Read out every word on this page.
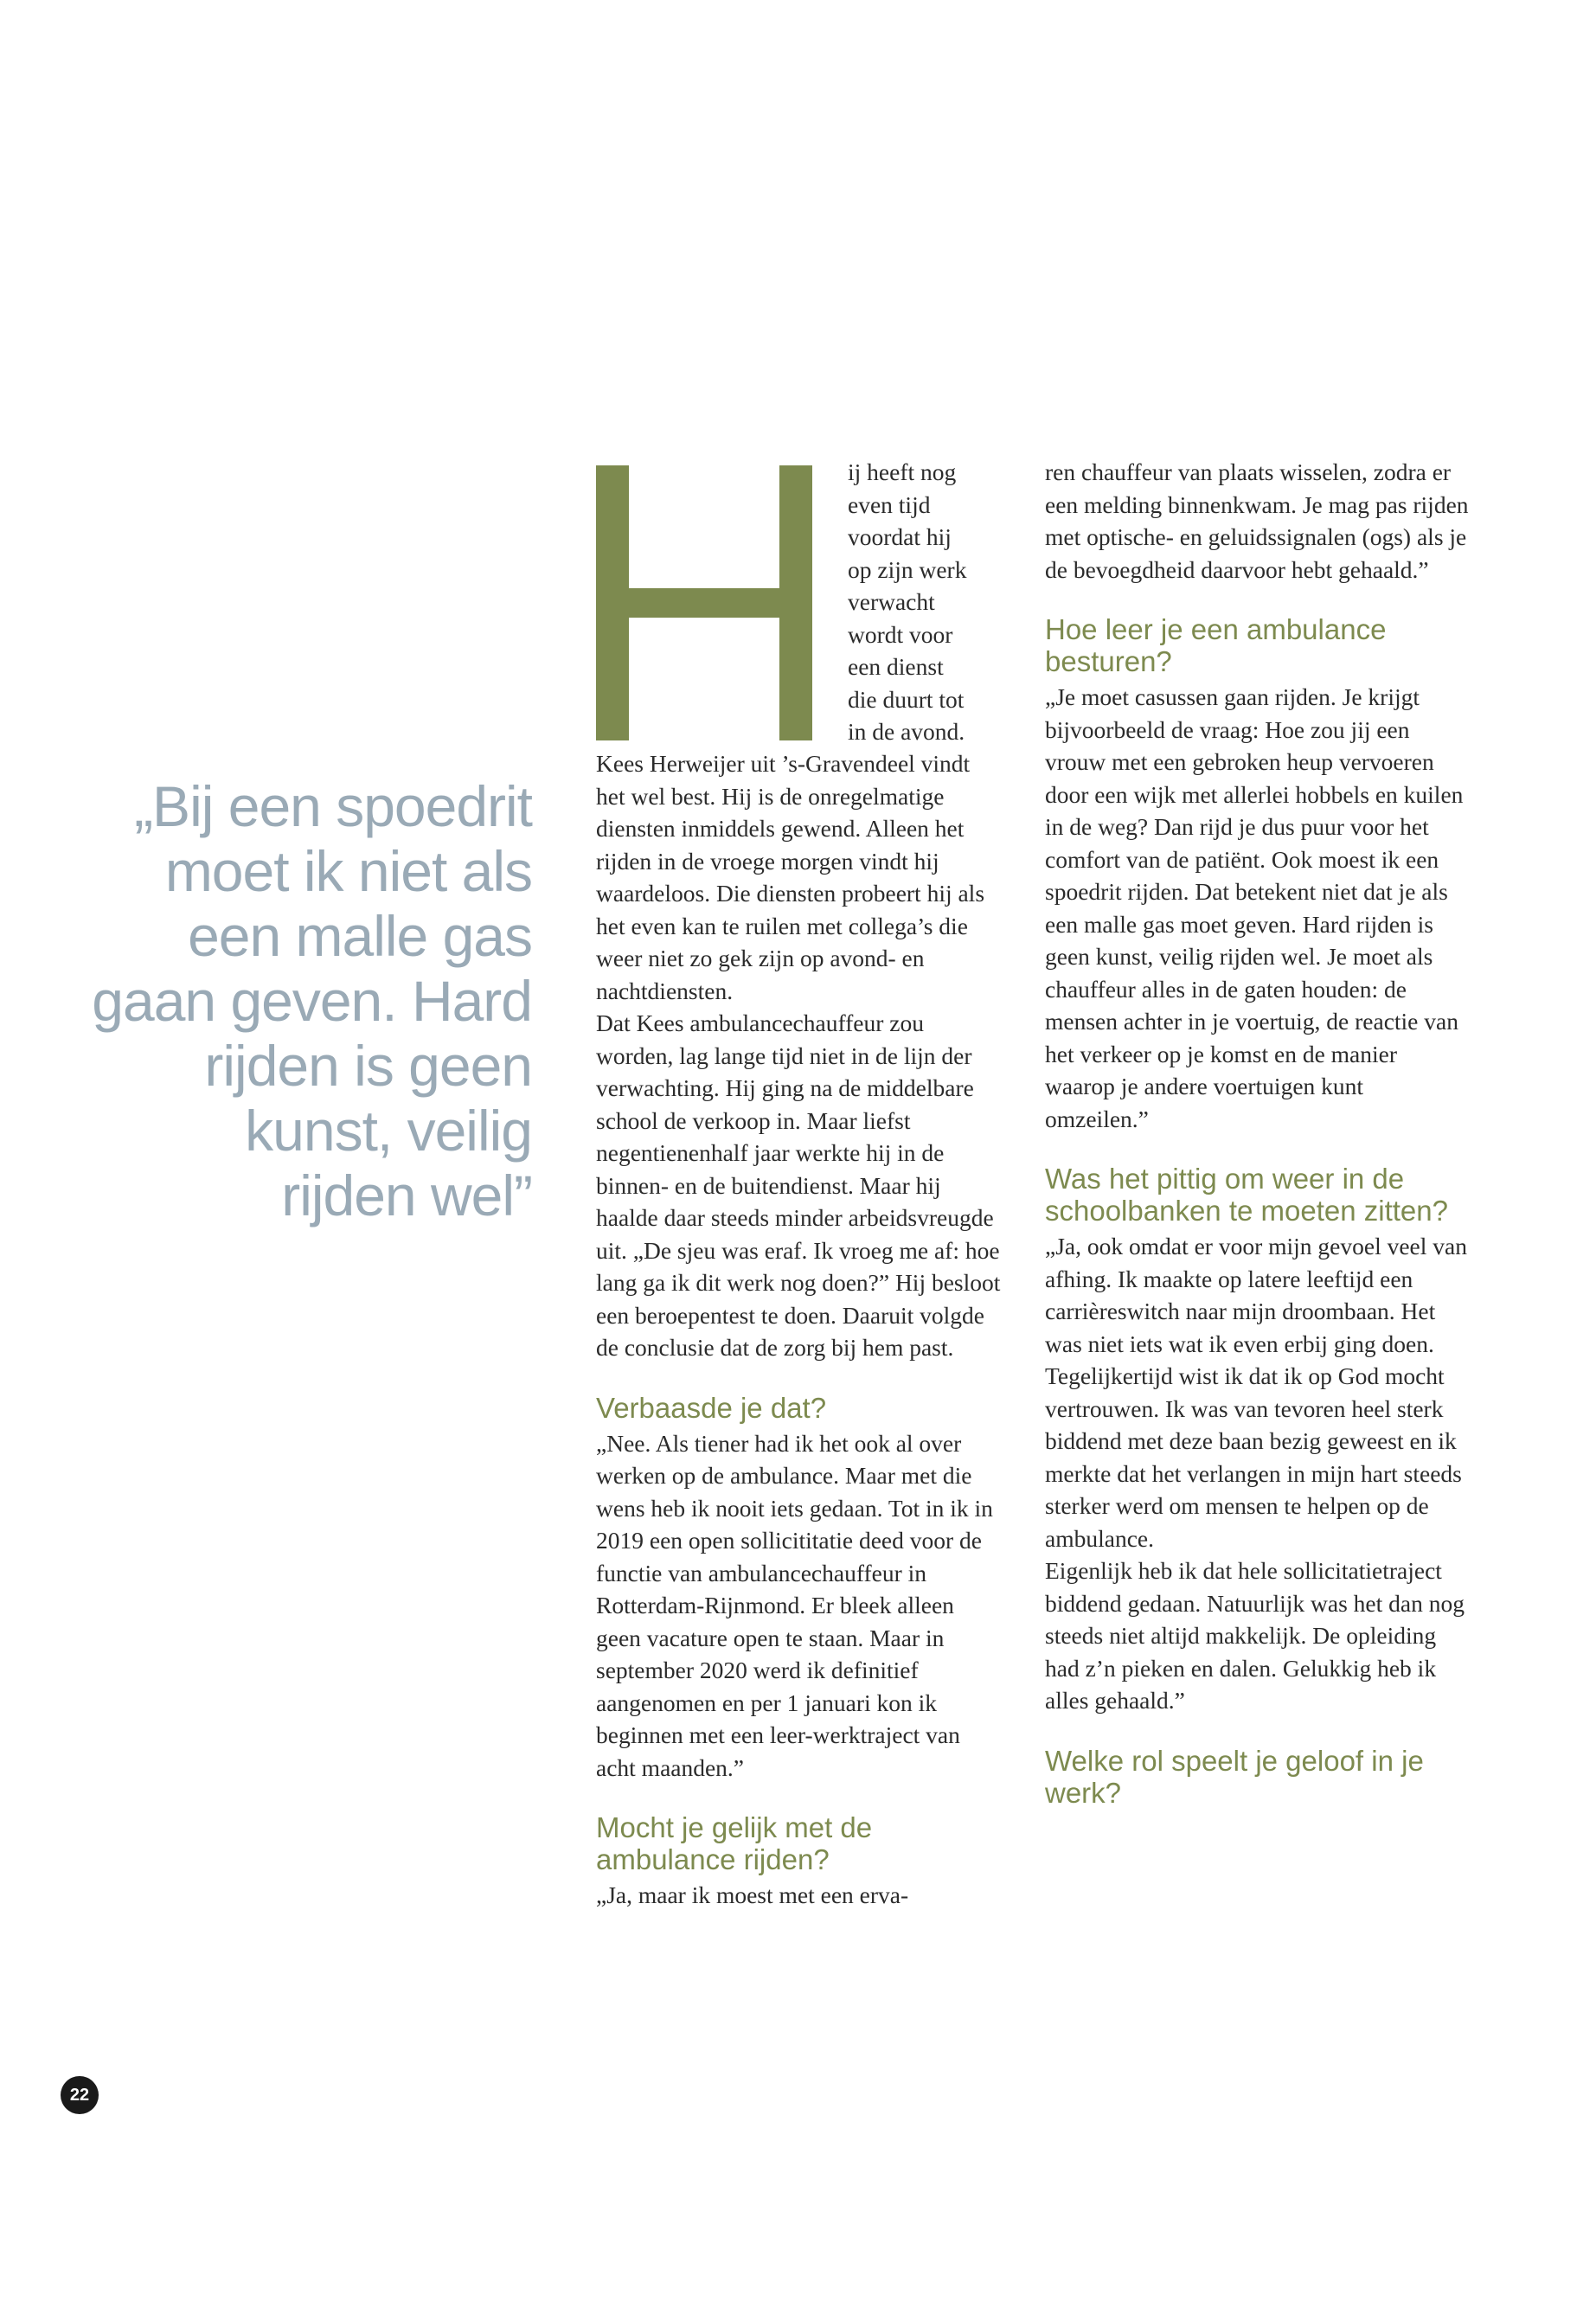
„Bij een spoedrit
moet ik niet als
een malle gas
gaan geven. Hard
rijden is geen
kunst, veilig
rijden wel”
H
ij heeft nog
even tijd
voordat hij
op zijn werk
verwacht
wordt voor
een dienst
die duurt tot
in de avond.

Kees Herweijer uit ’s-Gravendeel vindt het wel best. Hij is de onregelmatige diensten inmiddels gewend. Alleen het rijden in de vroege morgen vindt hij waardeloos. Die diensten probeert hij als het even kan te ruilen met collega’s die weer niet zo gek zijn op avond- en nachtdiensten.

Dat Kees ambulancechauffeur zou worden, lag lange tijd niet in de lijn der verwachting. Hij ging na de middelbare school de verkoop in. Maar liefst negentienenhalf jaar werkte hij in de binnen- en de buitendienst. Maar hij haalde daar steeds minder arbeidsvreugde uit. „De sjeu was eraf. Ik vroeg me af: hoe lang ga ik dit werk nog doen?” Hij besloot een beroepentest te doen. Daaruit volgde de conclusie dat de zorg bij hem past.

Verbaasde je dat?

„Nee. Als tiener had ik het ook al over werken op de ambulance. Maar met die wens heb ik nooit iets gedaan. Tot in ik in 2019 een open sollicititatie deed voor de functie van ambulancechauffeur in Rotterdam-Rijnmond. Er bleek alleen geen vacature open te staan. Maar in september 2020 werd ik definitief aangenomen en per 1 januari kon ik beginnen met een leer-werktraject van acht maanden.”

Mocht je gelijk met de ambulance rijden?

„Ja, maar ik moest met een erva-

ren chauffeur van plaats wisselen, zodra er een melding binnenkwam. Je mag pas rijden met optische- en geluidssignalen (ogs) als je de bevoegdheid daarvoor hebt gehaald.”

Hoe leer je een ambulance besturen?

„Je moet casussen gaan rijden. Je krijgt bijvoorbeeld de vraag: Hoe zou jij een vrouw met een gebroken heup vervoeren door een wijk met allerlei hobbels en kuilen in de weg? Dan rijd je dus puur voor het comfort van de patiënt. Ook moest ik een spoedrit rijden. Dat betekent niet dat je als een malle gas moet geven. Hard rijden is geen kunst, veilig rijden wel. Je moet als chauffeur alles in de gaten houden: de mensen achter in je voertuig, de reactie van het verkeer op je komst en de manier waarop je andere voertuigen kunt omzeilen.”

Was het pittig om weer in de schoolbanken te moeten zitten?

„Ja, ook omdat er voor mijn gevoel veel van afhing. Ik maakte op latere leeftijd een carrièreswitch naar mijn droombaan. Het was niet iets wat ik even erbij ging doen.

Tegelijkertijd wist ik dat ik op God mocht vertrouwen. Ik was van tevoren heel sterk biddend met deze baan bezig geweest en ik merkte dat het verlangen in mijn hart steeds sterker werd om mensen te helpen op de ambulance.

Eigenlijk heb ik dat hele sollicitatietraject biddend gedaan. Natuurlijk was het dan nog steeds niet altijd makkelijk. De opleiding had z’n pieken en dalen. Gelukkig heb ik alles gehaald.”

Welke rol speelt je geloof in je werk?
22
